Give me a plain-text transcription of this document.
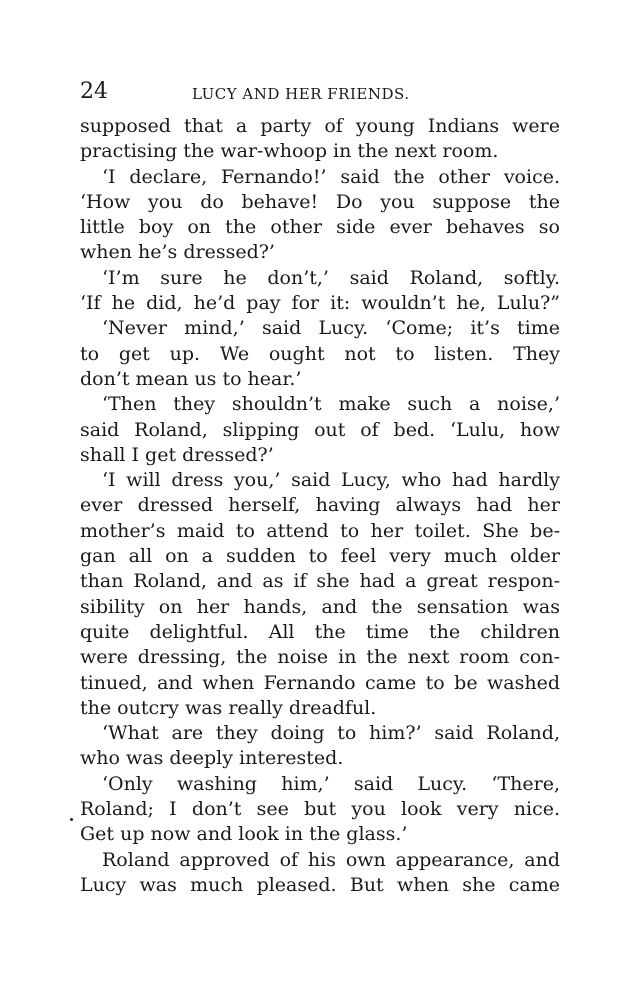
24	LUCY AND HER FRIENDS.
supposed that a party of young Indians were
practising the war-whoop in the next room.
‘I declare, Fernando!’ said the other voice.
‘How you do behave! Do you suppose the
little boy on the other side ever behaves so
when he’s dressed?’
‘I’m sure he don’t,’ said Roland, softly.
‘If he did, he’d pay for it: wouldn’t he, Lulu?”
‘Never mind,’ said Lucy. ‘Come; it’s time
to get up. We ought not to listen. They
don’t mean us to hear.’
‘Then they shouldn’t make such a noise,’
said Roland, slipping out of bed. ‘Lulu, how
shall I get dressed?’
‘I will dress you,’ said Lucy, who had hardly
ever dressed herself, having always had her
mother’s maid to attend to her toilet. She be-
gan all on a sudden to feel very much older
than Roland, and as if she had a great respon-
sibility on her hands, and the sensation was
quite delightful. All the time the children
were dressing, the noise in the next room con-
tinued, and when Fernando came to be washed
the outcry was really dreadful.
‘What are they doing to him?’ said Roland,
who was deeply interested.
‘Only washing him,’ said Lucy. ‘There,
Roland; I don’t see but you look very nice.
Get up now and look in the glass.’
Roland approved of his own appearance, and
Lucy was much pleased. But when she came
